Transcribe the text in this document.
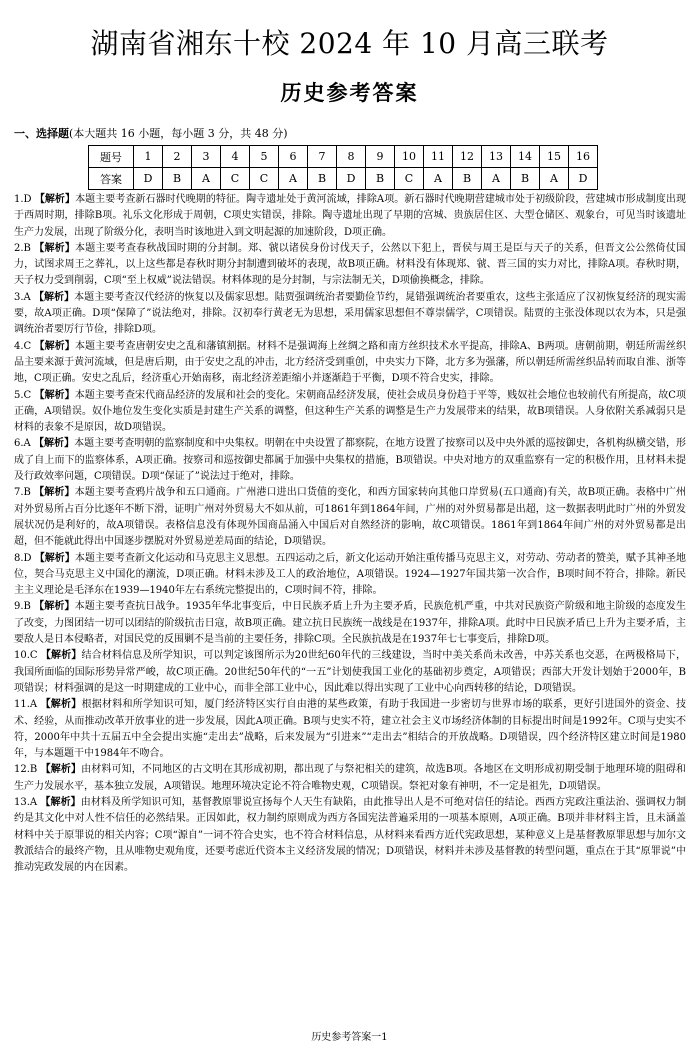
湖南省湘东十校 2024 年 10 月高三联考
历史参考答案
一、选择题(本大题共 16 小题，每小题 3 分，共 48 分)
题号	1	2	3	4	5	6	7	8	9	10	11	12	13	14	15	16
答案	D	B	A	C	C	A	B	D	B	C	A	B	A	B	A	D

1.D 【解析】本题主要考查新石器时代晚期的特征。陶寺遗址处于黄河流域，排除A项。新石器时代晚期营建城市处于初级阶段，营建城市形成制度出现于西周时期，排除B项。礼乐文化形成于周朝，C项史实错误，排除。陶寺遗址出现了早期的宫城、贵族居住区、大型仓储区、观象台，可见当时该遗址生产力发展，出现了阶级分化，表明当时该地进入到文明起源的加速阶段，D项正确。

2.B 【解析】本题主要考查春秋战国时期的分封制。郑、虢以诸侯身份讨伐天子，公然以下犯上，晋侯与周王是臣与天子的关系，但晋文公公然倚仗国力，试图求周王之葬礼，以上这些都是春秋时期分封制遭到破坏的表现，故B项正确。材料没有体现郑、虢、晋三国的实力对比，排除A项。春秋时期，天子权力受到削弱，C项“至上权威”说法错误。材料体现的是分封制，与宗法制无关，D项偷换概念，排除。

3.A 【解析】本题主要考查汉代经济的恢复以及儒家思想。陆贾强调统治者要勤俭节约，晁错强调统治者要重农，这些主张适应了汉初恢复经济的现实需要，故A项正确。D项“保障了”说法绝对，排除。汉初奉行黄老无为思想，采用儒家思想但不尊崇儒学，C项错误。陆贾的主张没体现以农为本，只是强调统治者要厉行节俭，排除D项。

4.C 【解析】本题主要考查唐朝安史之乱和藩镇割据。材料不是强调海上丝绸之路和南方丝织技术水平提高，排除A、B两项。唐朝前期，朝廷所需丝织品主要来源于黄河流域，但是唐后期，由于安史之乱的冲击，北方经济受到重创，中央实力下降，北方多为强藩，所以朝廷所需丝织品转而取自淮、浙等地，C项正确。安史之乱后，经济重心开始南移，南北经济差距缩小并逐渐趋于平衡，D项不符合史实，排除。

5.C 【解析】本题主要考查宋代商品经济的发展和社会的变化。宋朝商品经济发展，使社会成员身份趋于平等，贱奴社会地位也较前代有所提高，故C项正确，A项错误。奴仆地位发生变化实质是封建生产关系的调整，但这种生产关系的调整是生产力发展带来的结果，故B项错误。人身依附关系减弱只是材料的表象不是原因，故D项错误。

6.A 【解析】本题主要考查明朝的监察制度和中央集权。明朝在中央设置了都察院，在地方设置了按察司以及中央外派的巡按御史，各机构纵横交错，形成了自上而下的监察体系，A项正确。按察司和巡按御史都属于加强中央集权的措施，B项错误。中央对地方的双重监察有一定的积极作用，且材料未提及行政效率问题，C项错误。D项“保证了”说法过于绝对，排除。

7.B 【解析】本题主要考查鸦片战争和五口通商。广州港口进出口货值的变化，和西方国家转向其他口岸贸易(五口通商)有关，故B项正确。表格中广州对外贸易所占百分比逐年不断下滑，证明广州对外贸易大不如从前，可1861年到1864年间，广州的对外贸易都是出超，这一数据表明此时广州的外贸发展状况仍是利好的，故A项错误。表格信息没有体现外国商品涌入中国后对自然经济的影响，故C项错误。1861年到1864年间广州的对外贸易都是出超，但不能就此得出中国逐步摆脱对外贸易逆差局面的结论，D项错误。

8.D 【解析】本题主要考查新文化运动和马克思主义思想。五四运动之后，新文化运动开始注重传播马克思主义，对劳动、劳动者的赞美，赋予其神圣地位，契合马克思主义中国化的潮流，D项正确。材料未涉及工人的政治地位，A项错误。1924—1927年国共第一次合作，B项时间不符合，排除。新民主主义理论是毛泽东在1939—1940年左右系统完整提出的，C项时间不符，排除。

9.B 【解析】本题主要考查抗日战争。1935年华北事变后，中日民族矛盾上升为主要矛盾，民族危机严重，中共对民族资产阶级和地主阶级的态度发生了改变，力图团结一切可以团结的阶级抗击日寇，故B项正确。建立抗日民族统一战线是在1937年，排除A项。此时中日民族矛盾已上升为主要矛盾，主要敌人是日本侵略者，对国民党的反围剿不是当前的主要任务，排除C项。全民族抗战是在1937年七七事变后，排除D项。

10.C 【解析】结合材料信息及所学知识，可以判定该图所示为20世纪60年代的三线建设，当时中美关系尚未改善，中苏关系也交恶，在两极格局下，我国所面临的国际形势异常严峻，故C项正确。20世纪50年代的“一五”计划使我国工业化的基础初步奠定，A项错误；西部大开发计划始于2000年，B项错误；材料强调的是这一时期建成的工业中心，而非全部工业中心，因此难以得出实现了工业中心向西转移的结论，D项错误。

11.A 【解析】根据材料和所学知识可知，厦门经济特区实行自由港的某些政策，有助于我国进一步密切与世界市场的联系，更好引进国外的资金、技术、经验，从而推动改革开放事业的进一步发展，因此A项正确。B项与史实不符，建立社会主义市场经济体制的目标提出时间是1992年。C项与史实不符，2000年中共十五届五中全会提出实施“走出去”战略，后来发展为“引进来”“走出去”相结合的开放战略。D项错误，四个经济特区建立时间是1980年，与本题题干中1984年不吻合。

12.B 【解析】由材料可知，不同地区的古文明在其形成初期，都出现了与祭祀相关的建筑，故选B项。各地区在文明形成初期受制于地理环境的阻碍和生产力发展水平，基本独立发展，A项错误。地理环境决定论不符合唯物史观，C项错误。祭祀对象有神明，不一定是祖先，D项错误。

13.A 【解析】由材料及所学知识可知，基督教原罪说宣扬每个人天生有缺陷，由此推导出人是不可绝对信任的结论。西西方宪政注重法治、强调权力制约是其文化中对人性不信任的必然结果。正因如此，权力制约原则成为西方各国宪法普遍采用的一项基本原则，A项正确。B项并非材料主旨，且未涵盖材料中关于原罪说的相关内容；C项“源自”一词不符合史实，也不符合材料信息，从材料来看西方近代宪政思想，某种意义上是基督教原罪思想与加尔文教派结合的最终产物，且从唯物史观角度，还要考虑近代资本主义经济发展的情况；D项错误，材料并未涉及基督教的转型问题，重点在于其“原罪说”中推动宪政发展的内在因素。

历史参考答案一1
